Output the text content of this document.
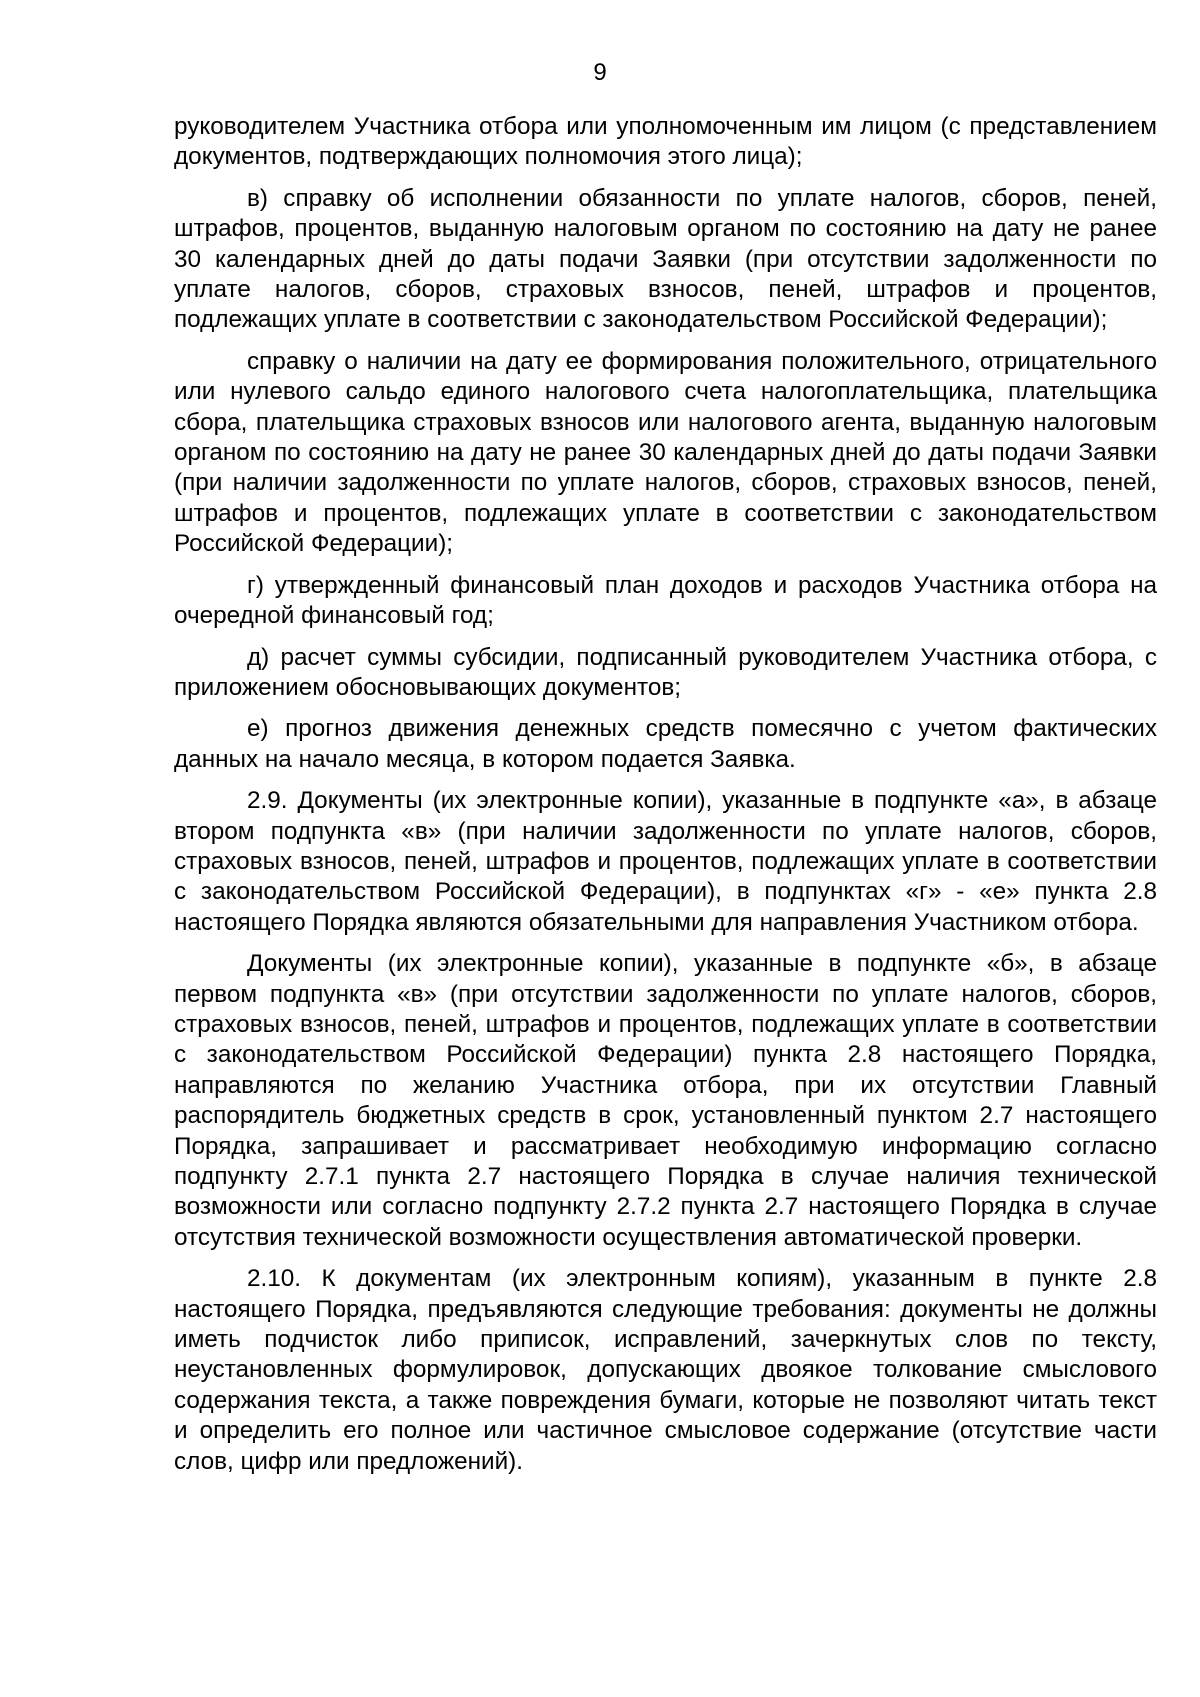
9

руководителем Участника отбора или уполномоченным им лицом (с представлением документов, подтверждающих полномочия этого лица);

в) справку об исполнении обязанности по уплате налогов, сборов, пеней, штрафов, процентов, выданную налоговым органом по состоянию на дату не ранее 30 календарных дней до даты подачи Заявки (при отсутствии задолженности по уплате налогов, сборов, страховых взносов, пеней, штрафов и процентов, подлежащих уплате в соответствии с законодательством Российской Федерации);

справку о наличии на дату ее формирования положительного, отрицательного или нулевого сальдо единого налогового счета налогоплательщика, плательщика сбора, плательщика страховых взносов или налогового агента, выданную налоговым органом по состоянию на дату не ранее 30 календарных дней до даты подачи Заявки (при наличии задолженности по уплате налогов, сборов, страховых взносов, пеней, штрафов и процентов, подлежащих уплате в соответствии с законодательством Российской Федерации);

г) утвержденный финансовый план доходов и расходов Участника отбора на очередной финансовый год;

д) расчет суммы субсидии, подписанный руководителем Участника отбора, с приложением обосновывающих документов;

е) прогноз движения денежных средств помесячно с учетом фактических данных на начало месяца, в котором подается Заявка.

2.9. Документы (их электронные копии), указанные в подпункте «а», в абзаце втором подпункта «в» (при наличии задолженности по уплате налогов, сборов, страховых взносов, пеней, штрафов и процентов, подлежащих уплате в соответствии с законодательством Российской Федерации), в подпунктах «г» - «е» пункта 2.8 настоящего Порядка являются обязательными для направления Участником отбора.

Документы (их электронные копии), указанные в подпункте «б», в абзаце первом подпункта «в» (при отсутствии задолженности по уплате налогов, сборов, страховых взносов, пеней, штрафов и процентов, подлежащих уплате в соответствии с законодательством Российской Федерации) пункта 2.8 настоящего Порядка, направляются по желанию Участника отбора, при их отсутствии Главный распорядитель бюджетных средств в срок, установленный пунктом 2.7 настоящего Порядка, запрашивает и рассматривает необходимую информацию согласно подпункту 2.7.1 пункта 2.7 настоящего Порядка в случае наличия технической возможности или согласно подпункту 2.7.2 пункта 2.7 настоящего Порядка в случае отсутствия технической возможности осуществления автоматической проверки.

2.10. К документам (их электронным копиям), указанным в пункте 2.8 настоящего Порядка, предъявляются следующие требования: документы не должны иметь подчисток либо приписок, исправлений, зачеркнутых слов по тексту, неустановленных формулировок, допускающих двоякое толкование смыслового содержания текста, а также повреждения бумаги, которые не позволяют читать текст и определить его полное или частичное смысловое содержание (отсутствие части слов, цифр или предложений).
